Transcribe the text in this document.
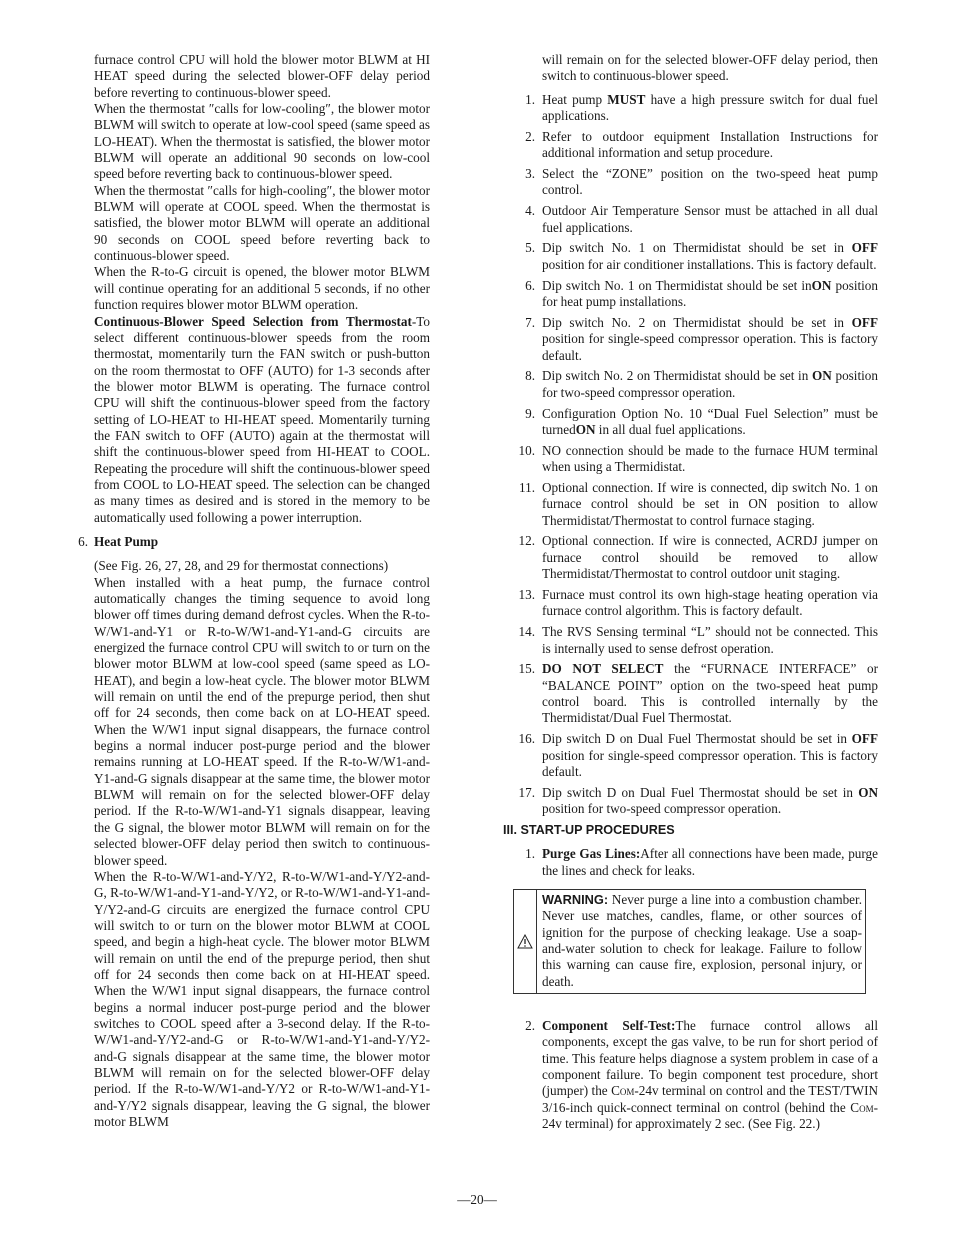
furnace control CPU will hold the blower motor BLWM at HI HEAT speed during the selected blower-OFF delay period before reverting to continuous-blower speed.
When the thermostat ″calls for low-cooling″, the blower motor BLWM will switch to operate at low-cool speed (same speed as LO-HEAT). When the thermostat is satisfied, the blower motor BLWM will operate an additional 90 seconds on low-cool speed before reverting back to continuous-blower speed.
When the thermostat ″calls for high-cooling″, the blower motor BLWM will operate at COOL speed. When the thermostat is satisfied, the blower motor BLWM will operate an additional 90 seconds on COOL speed before reverting back to continuous-blower speed.
When the R-to-G circuit is opened, the blower motor BLWM will continue operating for an additional 5 seconds, if no other function requires blower motor BLWM operation.
Continuous-Blower Speed Selection from Thermostat-To select different continuous-blower speeds from the room thermostat, momentarily turn the FAN switch or push-button on the room thermostat to OFF (AUTO) for 1-3 seconds after the blower motor BLWM is operating. The furnace control CPU will shift the continuous-blower speed from the factory setting of LO-HEAT to HI-HEAT speed. Momentarily turning the FAN switch to OFF (AUTO) again at the thermostat will shift the continuous-blower speed from HI-HEAT to COOL. Repeating the procedure will shift the continuous-blower speed from COOL to LO-HEAT speed. The selection can be changed as many times as desired and is stored in the memory to be automatically used following a power interruption.
6. Heat Pump
(See Fig. 26, 27, 28, and 29 for thermostat connections)
When installed with a heat pump, the furnace control automatically changes the timing sequence to avoid long blower off times during demand defrost cycles. When the R-to-W/W1-and-Y1 or R-to-W/W1-and-Y1-and-G circuits are energized the furnace control CPU will switch to or turn on the blower motor BLWM at low-cool speed (same speed as LO-HEAT), and begin a low-heat cycle. The blower motor BLWM will remain on until the end of the prepurge period, then shut off for 24 seconds, then come back on at LO-HEAT speed. When the W/W1 input signal disappears, the furnace control begins a normal inducer post-purge period and the blower remains running at LO-HEAT speed. If the R-to-W/W1-and-Y1-and-G signals disappear at the same time, the blower motor BLWM will remain on for the selected blower-OFF delay period. If the R-to-W/W1-and-Y1 signals disappear, leaving the G signal, the blower motor BLWM will remain on for the selected blower-OFF delay period then switch to continuous-blower speed.
When the R-to-W/W1-and-Y/Y2, R-to-W/W1-and-Y/Y2-and-G, R-to-W/W1-and-Y1-and-Y/Y2, or R-to-W/W1-and-Y1-and-Y/Y2-and-G circuits are energized the furnace control CPU will switch to or turn on the blower motor BLWM at COOL speed, and begin a high-heat cycle. The blower motor BLWM will remain on until the end of the prepurge period, then shut off for 24 seconds then come back on at HI-HEAT speed. When the W/W1 input signal disappears, the furnace control begins a normal inducer post-purge period and the blower switches to COOL speed after a 3-second delay. If the R-to-W/W1-and-Y/Y2-and-G or R-to-W/W1-and-Y1-and-Y/Y2-and-G signals disappear at the same time, the blower motor BLWM will remain on for the selected blower-OFF delay period. If the R-to-W/W1-and-Y/Y2 or R-to-W/W1-and-Y1-and-Y/Y2 signals disappear, leaving the G signal, the blower motor BLWM
will remain on for the selected blower-OFF delay period, then switch to continuous-blower speed.
1. Heat pump MUST have a high pressure switch for dual fuel applications.
2. Refer to outdoor equipment Installation Instructions for additional information and setup procedure.
3. Select the “ZONE” position on the two-speed heat pump control.
4. Outdoor Air Temperature Sensor must be attached in all dual fuel applications.
5. Dip switch No. 1 on Thermidistat should be set in OFF position for air conditioner installations. This is factory default.
6. Dip switch No. 1 on Thermidistat should be set inON position for heat pump installations.
7. Dip switch No. 2 on Thermidistat should be set in OFF position for single-speed compressor operation. This is factory default.
8. Dip switch No. 2 on Thermidistat should be set in ON position for two-speed compressor operation.
9. Configuration Option No. 10 “Dual Fuel Selection” must be turnedON in all dual fuel applications.
10. NO connection should be made to the furnace HUM terminal when using a Thermidistat.
11. Optional connection. If wire is connected, dip switch No. 1 on furnace control should be set in ON position to allow Thermidistat/Thermostat to control furnace staging.
12. Optional connection. If wire is connected, ACRDJ jumper on furnace control shouild be removed to allow Thermidistat/Thermostat to control outdoor unit staging.
13. Furnace must control its own high-stage heating operation via furnace control algorithm. This is factory default.
14. The RVS Sensing terminal “L” should not be connected. This is internally used to sense defrost operation.
15. DO NOT SELECT the “FURNACE INTERFACE” or “BALANCE POINT” option on the two-speed heat pump control board. This is controlled internally by the Thermidistat/Dual Fuel Thermostat.
16. Dip switch D on Dual Fuel Thermostat should be set in OFF position for single-speed compressor operation. This is factory default.
17. Dip switch D on Dual Fuel Thermostat should be set in ON position for two-speed compressor operation.
III. START-UP PROCEDURES
1. Purge Gas Lines:After all connections have been made, purge the lines and check for leaks.
WARNING: Never purge a line into a combustion chamber. Never use matches, candles, flame, or other sources of ignition for the purpose of checking leakage. Use a soap-and-water solution to check for leakage. Failure to follow this warning can cause fire, explosion, personal injury, or death.
2. Component Self-Test:The furnace control allows all components, except the gas valve, to be run for short period of time. This feature helps diagnose a system problem in case of a component failure. To begin component test procedure, short (jumper) the Com-24v terminal on control and the TEST/TWIN 3/16-inch quick-connect terminal on control (behind the Com-24v terminal) for approximately 2 sec. (See Fig. 22.)
—20—
